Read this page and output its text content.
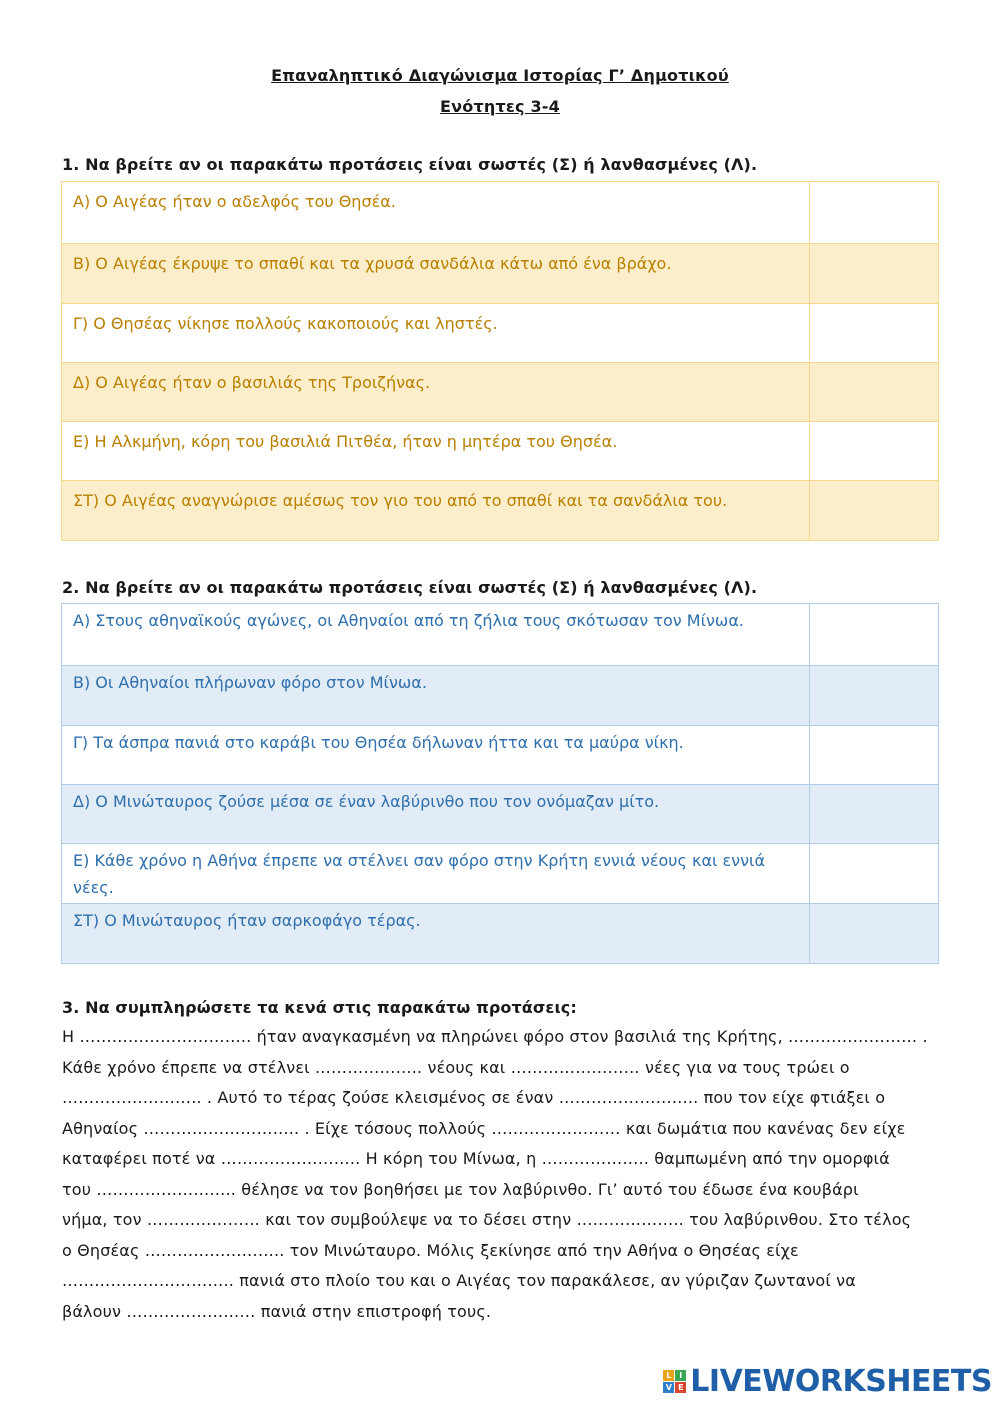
Επαναληπτικό Διαγώνισμα Ιστορίας Γ’ Δημοτικού
Ενότητες 3-4
1. Να βρείτε αν οι παρακάτω προτάσεις είναι σωστές (Σ) ή λανθασμένες (Λ).
Α) Ο Αιγέας ήταν ο αδελφός του Θησέα.	
Β) Ο Αιγέας έκρυψε το σπαθί και τα χρυσά σανδάλια κάτω από ένα βράχο.	
Γ) Ο Θησέας νίκησε πολλούς κακοποιούς και ληστές.	
Δ) Ο Αιγέας ήταν ο βασιλιάς της Τροιζήνας.	
Ε) Η Αλκμήνη, κόρη του βασιλιά Πιτθέα, ήταν η μητέρα του Θησέα.	
ΣΤ) Ο Αιγέας αναγνώρισε αμέσως τον γιο του από το σπαθί και τα σανδάλια του.	
2. Να βρείτε αν οι παρακάτω προτάσεις είναι σωστές (Σ) ή λανθασμένες (Λ).
Α) Στους αθηναϊκούς αγώνες, οι Αθηναίοι από τη ζήλια τους σκότωσαν τον Μίνωα.	
Β) Οι Αθηναίοι πλήρωναν φόρο στον Μίνωα.	
Γ) Τα άσπρα πανιά στο καράβι του Θησέα δήλωναν ήττα και τα μαύρα νίκη.	
Δ) Ο Μινώταυρος ζούσε μέσα σε έναν λαβύρινθο που τον ονόμαζαν μίτο.	
Ε) Κάθε χρόνο η Αθήνα έπρεπε να στέλνει σαν φόρο στην Κρήτη εννιά νέους και εννιά νέες.	
ΣΤ) Ο Μινώταυρος ήταν σαρκοφάγο τέρας.	
3. Να συμπληρώσετε τα κενά στις παρακάτω προτάσεις:
Η ………………………….. ήταν αναγκασμένη να πληρώνει φόρο στον βασιλιά της Κρήτης, …………………… .
Κάθε χρόνο έπρεπε να στέλνει ……………….. νέους και …………………… νέες για να τους τρώει ο
…………………….. . Αυτό το τέρας ζούσε κλεισμένος σε έναν …………………….. που τον είχε φτιάξει ο
Αθηναίος ……………………….. . Είχε τόσους πολλούς …………………… και δωμάτια που κανένας δεν είχε
καταφέρει ποτέ να …………………….. Η κόρη του Μίνωα, η ……………….. θαμπωμένη από την ομορφιά
του …………………….. θέλησε να τον βοηθήσει με τον λαβύρινθο. Γι’ αυτό του έδωσε ένα κουβάρι
νήμα, τον ………………… και τον συμβούλεψε να το δέσει στην ……………….. του λαβύρινθου. Στο τέλος
ο Θησέας …………………….. τον Μινώταυρο. Μόλις ξεκίνησε από την Αθήνα ο Θησέας είχε
………………………….. πανιά στο πλοίο του και ο Αιγέας τον παρακάλεσε, αν γύριζαν ζωντανοί να
βάλουν …………………… πανιά στην επιστροφή τους.
L I
V E LIVEWORKSHEETS
